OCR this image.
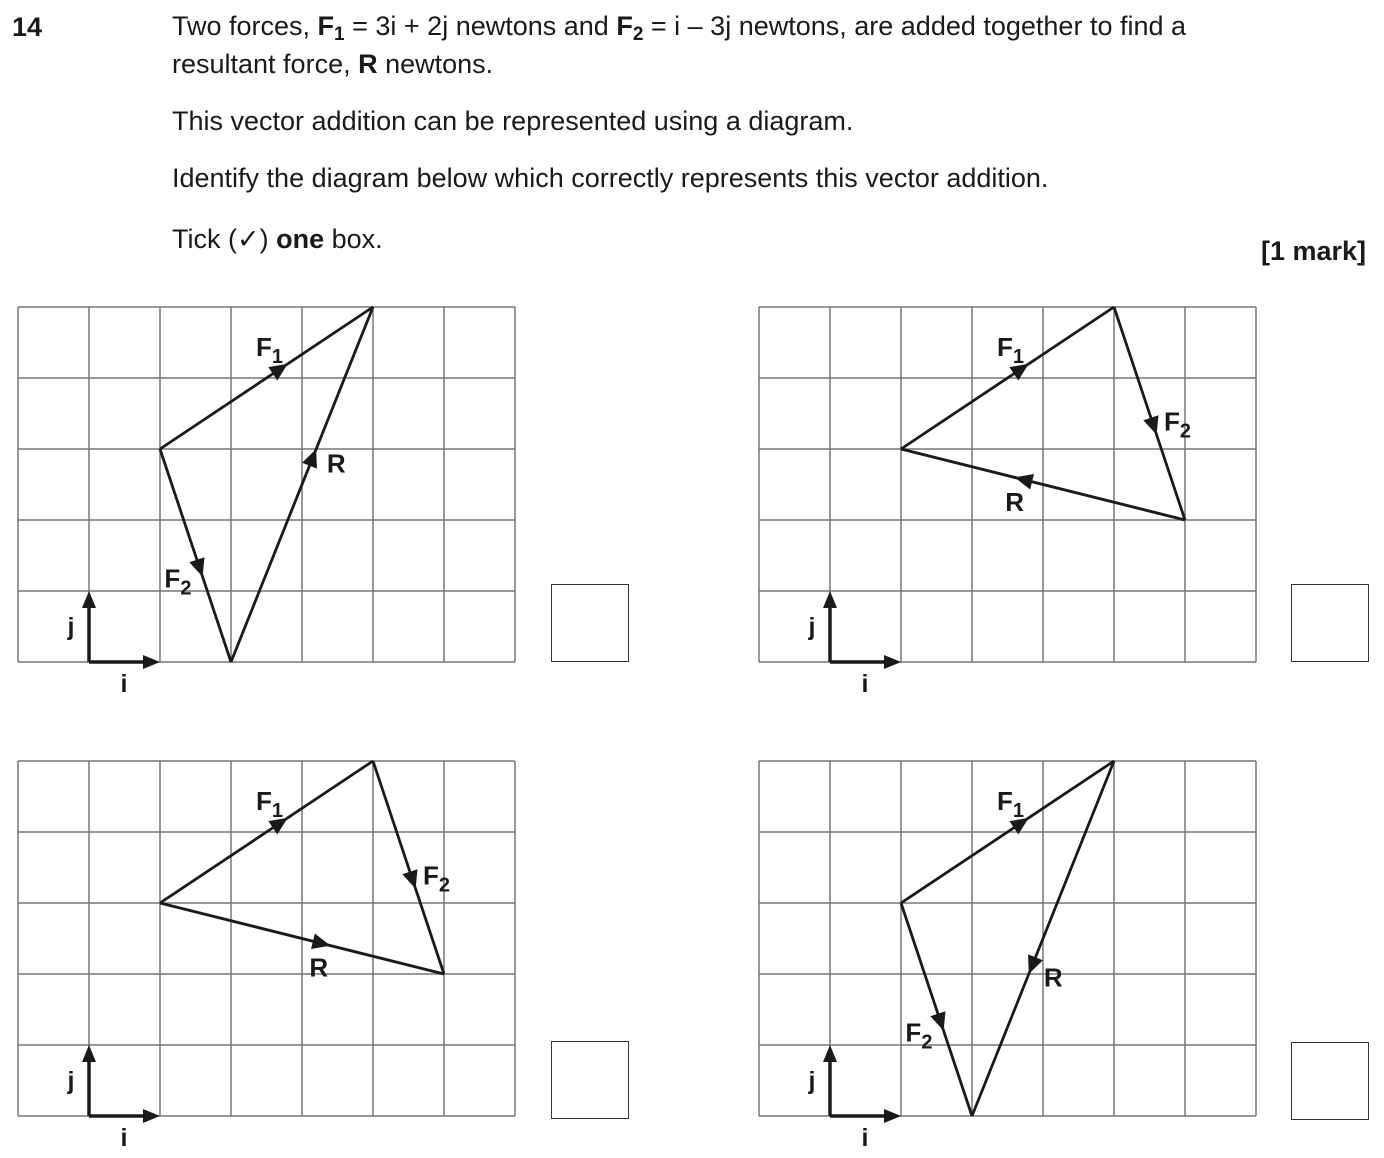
14	Two forces, $F_1 = 3i + 2j$ newtons and $F_2 = i - 3j$ newtons, are added together to find a

resultant force, R newtons.

This vector addition can be represented using a diagram.

Identify the diagram below which correctly represents this vector addition.

Tick (✓) one box.	[1 mark]
i
j
$F_1$
$F_2$
R
i
j
$F_1$
$F_2$
R
i
j
$F_1$
$F_2$
R
i
j
$F_1$
$F_2$
R
